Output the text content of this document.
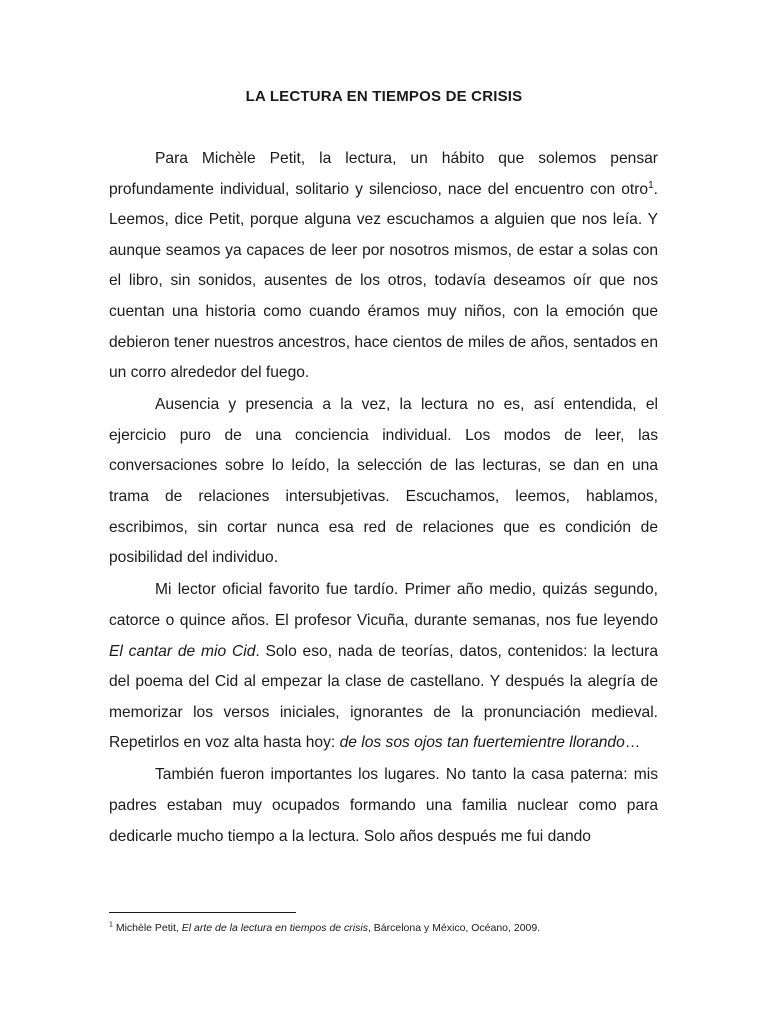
LA LECTURA EN TIEMPOS DE CRISIS

Para Michèle Petit, la lectura, un hábito que solemos pensar profundamente individual, solitario y silencioso, nace del encuentro con otro$^1$. Leemos, dice Petit, porque alguna vez escuchamos a alguien que nos leía. Y aunque seamos ya capaces de leer por nosotros mismos, de estar a solas con el libro, sin sonidos, ausentes de los otros, todavía deseamos oír que nos cuentan una historia como cuando éramos muy niños, con la emoción que debieron tener nuestros ancestros, hace cientos de miles de años, sentados en un corro alrededor del fuego.

Ausencia y presencia a la vez, la lectura no es, así entendida, el ejercicio puro de una conciencia individual. Los modos de leer, las conversaciones sobre lo leído, la selección de las lecturas, se dan en una trama de relaciones intersubjetivas. Escuchamos, leemos, hablamos, escribimos, sin cortar nunca esa red de relaciones que es condición de posibilidad del individuo.

Mi lector oficial favorito fue tardío. Primer año medio, quizás segundo, catorce o quince años. El profesor Vicuña, durante semanas, nos fue leyendo El cantar de mio Cid. Solo eso, nada de teorías, datos, contenidos: la lectura del poema del Cid al empezar la clase de castellano. Y después la alegría de memorizar los versos iniciales, ignorantes de la pronunciación medieval. Repetirlos en voz alta hasta hoy: de los sos ojos tan fuertemientre llorando…

También fueron importantes los lugares. No tanto la casa paterna: mis padres estaban muy ocupados formando una familia nuclear como para dedicarle mucho tiempo a la lectura. Solo años después me fui dando

$^1$ Michèle Petit, El arte de la lectura en tiempos de crisis, Bárcelona y México, Océano, 2009.
